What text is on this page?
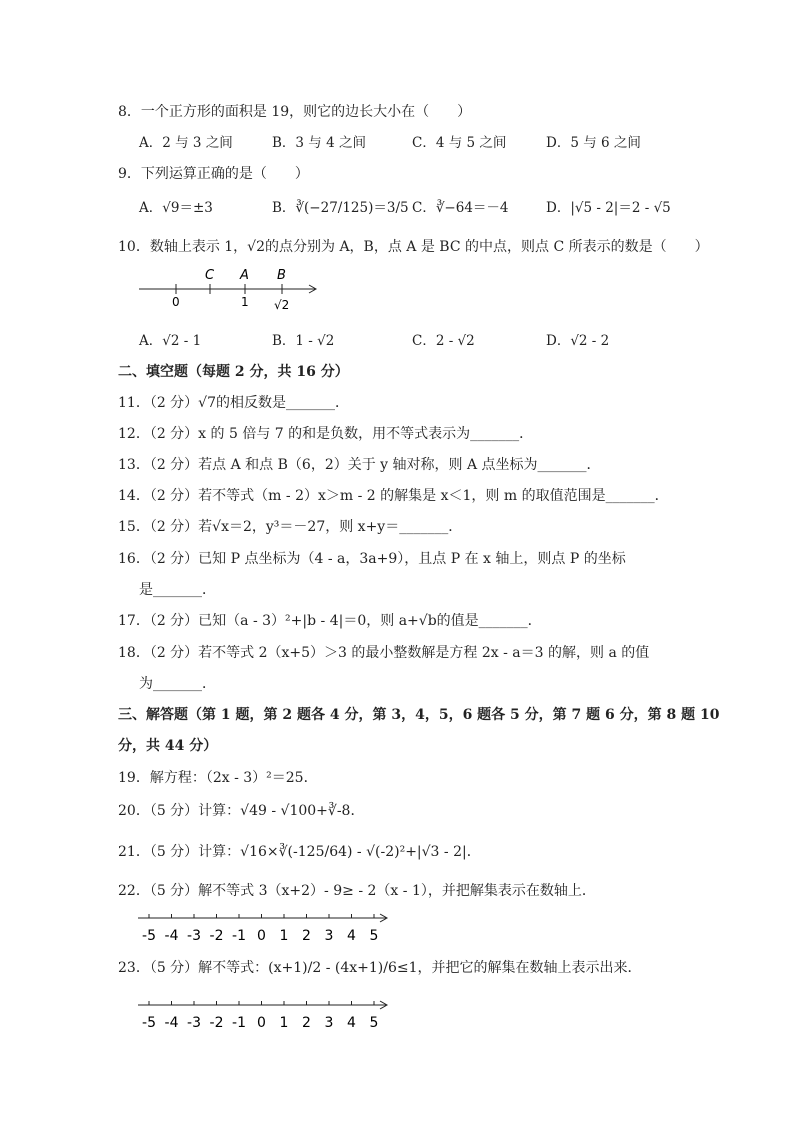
8．一个正方形的面积是 19，则它的边长大小在（　　）
A．2 与 3 之间	B．3 与 4 之间	C．4 与 5 之间	D．5 与 6 之间
9．下列运算正确的是（　　）
A．√9＝±3	B．∛(−27/125)＝3/5 C．∛−64＝－4	D．|√5 - 2|＝2 - √5
10．数轴上表示 1，√2的点分别为 A，B，点 A 是 BC 的中点，则点 C 所表示的数是（　　）
C A B
0	1 √2
A．√2 - 1	B．1 - √2	C．2 - √2	D．√2 - 2
二、填空题（每题 2 分，共 16 分）
11．（2 分）√7的相反数是_______．
12．（2 分）x 的 5 倍与 7 的和是负数，用不等式表示为_______．
13．（2 分）若点 A 和点 B（6，2）关于 y 轴对称，则 A 点坐标为_______．
14．（2 分）若不等式（m - 2）x＞m - 2 的解集是 x＜1，则 m 的取值范围是_______．
15．（2 分）若√x＝2，y³＝－27，则 x+y＝_______．
16．（2 分）已知 P 点坐标为（4 - a，3a+9），且点 P 在 x 轴上，则点 P 的坐标
是_______．
17．（2 分）已知（a - 3）²+|b - 4|＝0，则 a+√b的值是_______．
18．（2 分）若不等式 2（x+5）＞3 的最小整数解是方程 2x - a＝3 的解，则 a 的值
为_______．
三、解答题（第 1 题，第 2 题各 4 分，第 3，4，5，6 题各 5 分，第 7 题 6 分，第 8 题 10
分，共 44 分）
19．解方程：（2x - 3）²＝25．
20．（5 分）计算：√49 - √100+∛-8．
21．（5 分）计算：√16×∛(-125/64) - √(-2)²+|√3 - 2|．
22．（5 分）解不等式 3（x+2）- 9≥ - 2（x - 1），并把解集表示在数轴上．
-5 -4 -3 -2 -1 0 1 2 3 4 5
23．（5 分）解不等式：(x+1)/2 - (4x+1)/6≤1，并把它的解集在数轴上表示出来．
-5 -4 -3 -2 -1 0 1 2 3 4 5
